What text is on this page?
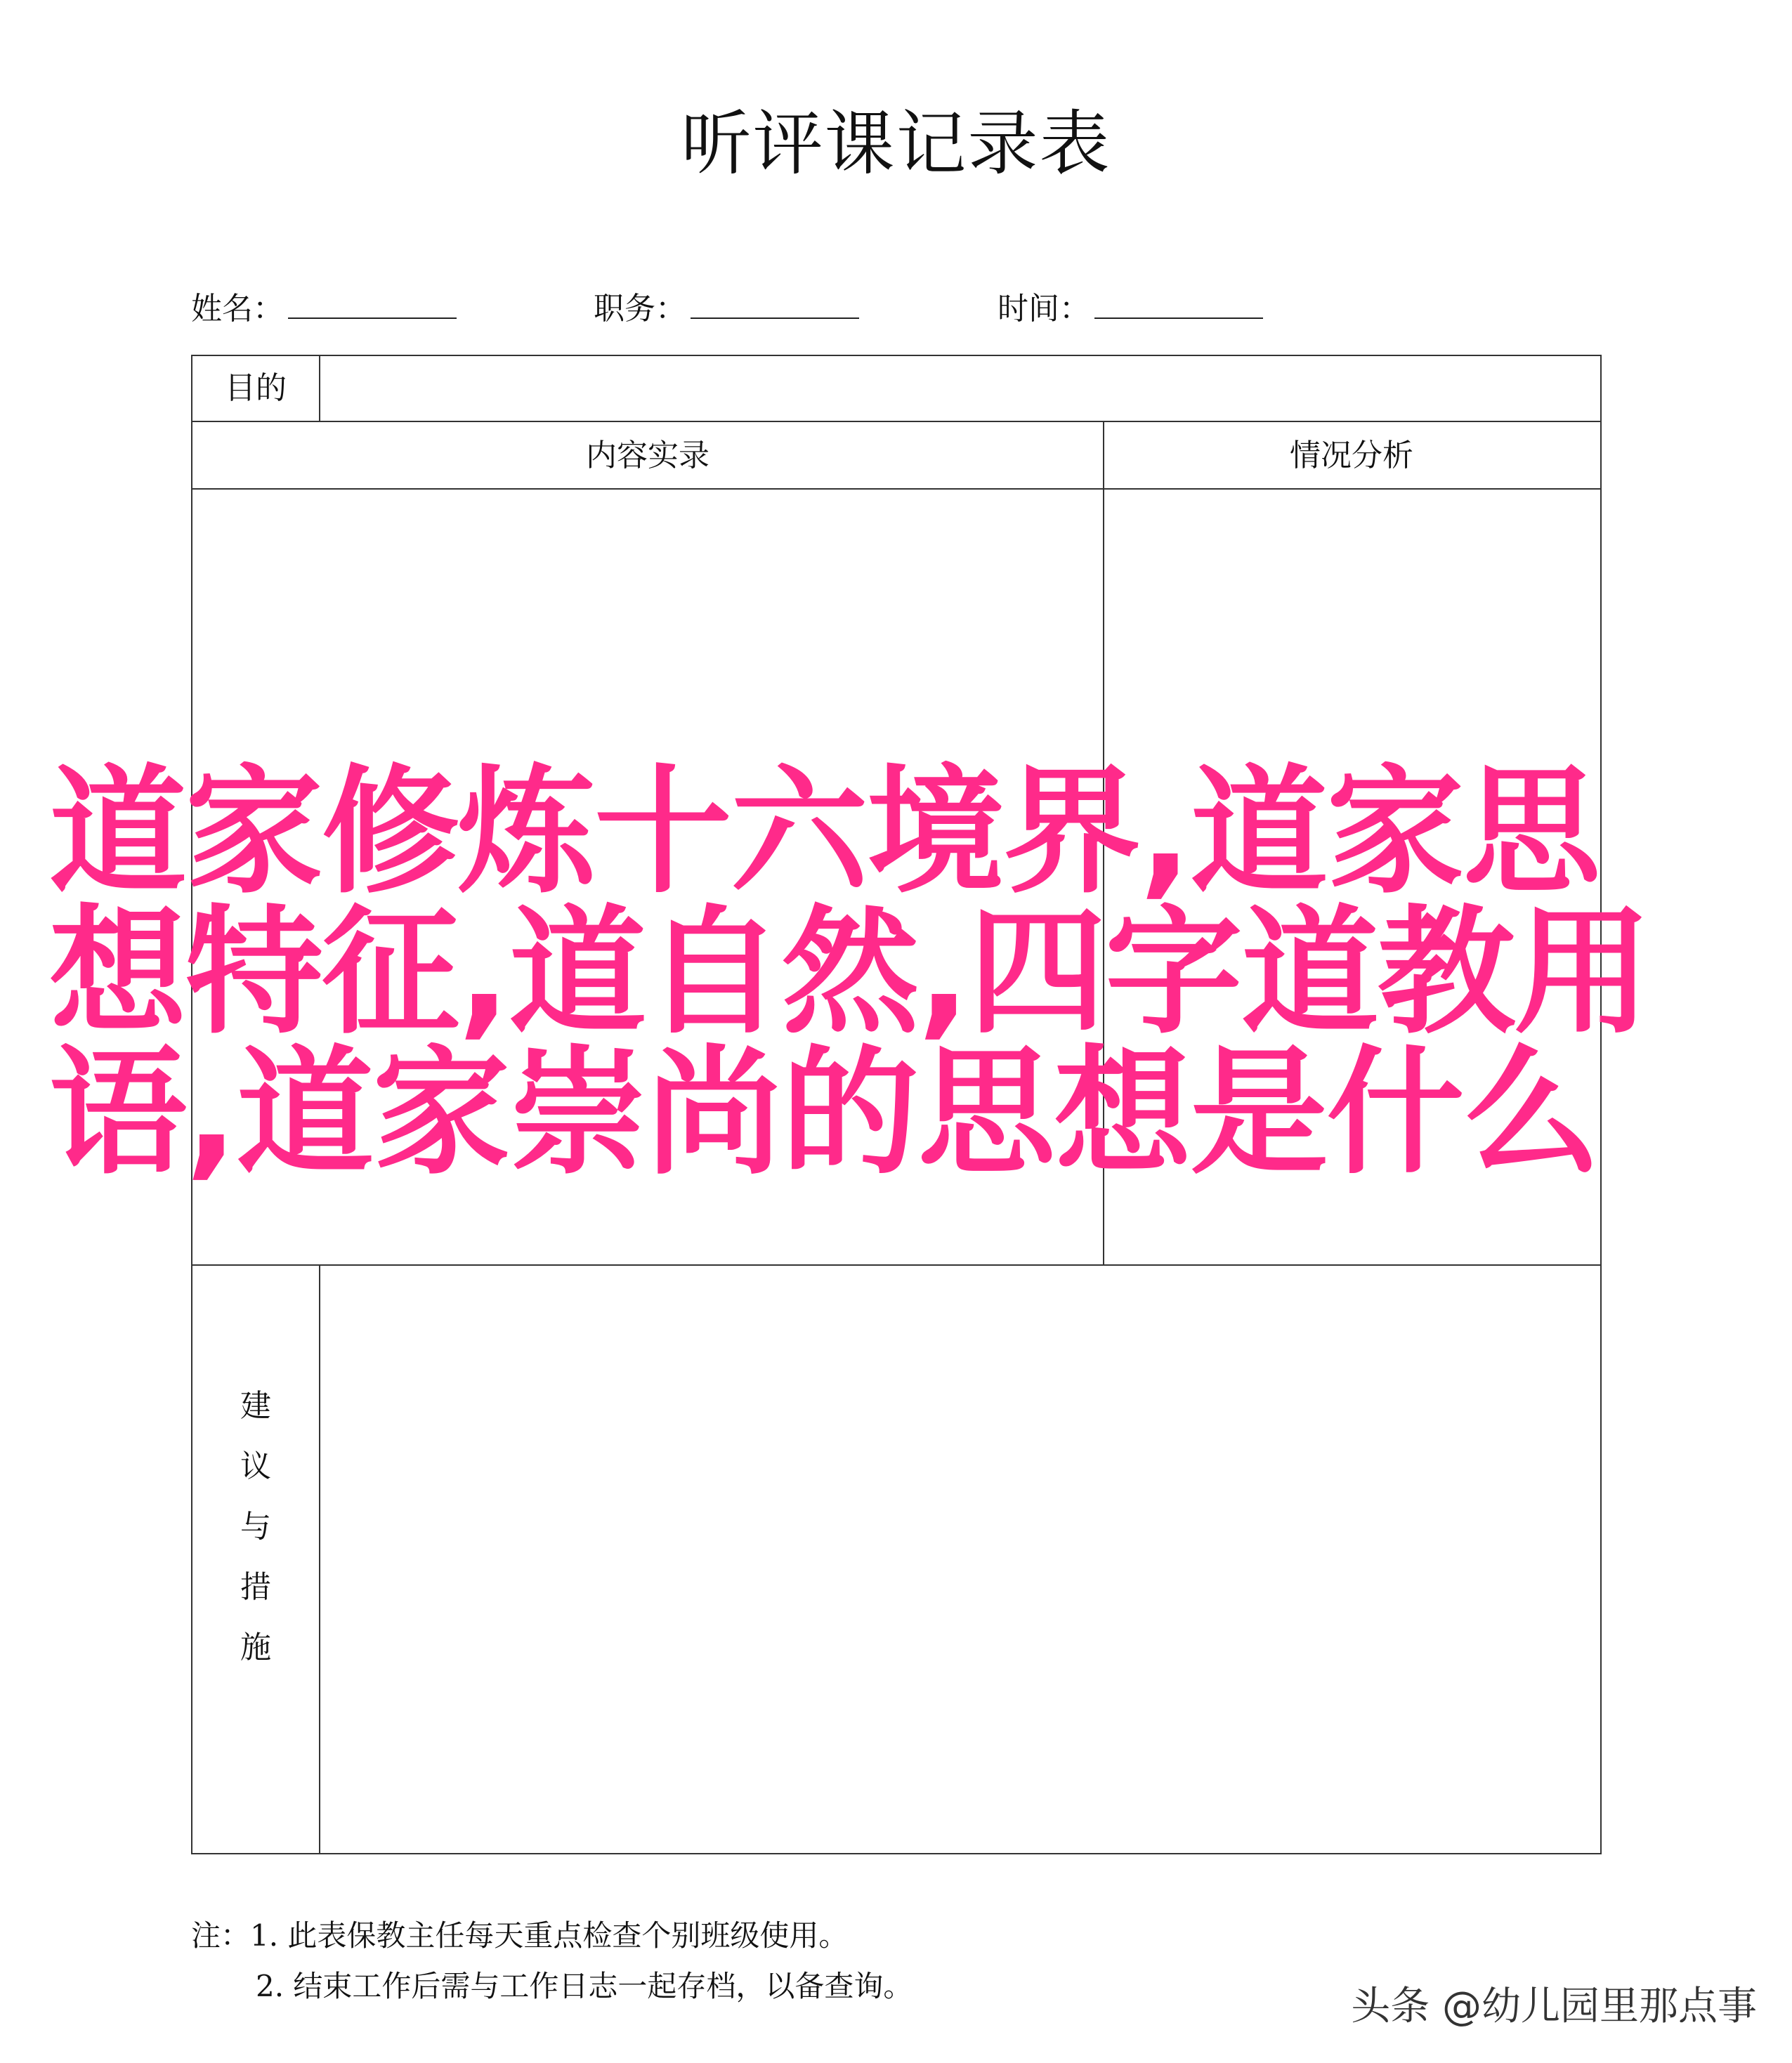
听评课记录表
姓名：	职务：	时间：
目的
内容实录	情况分析
建
议
与
措
施
注：1. 此表保教主任每天重点检查个别班级使用。
2. 结束工作后需与工作日志一起存档，以备查询。
道家修炼十六境界,道家思想特征,道自然,四字道教用语,道家崇尚的思想是什么
头条 @幼儿园里那点事
